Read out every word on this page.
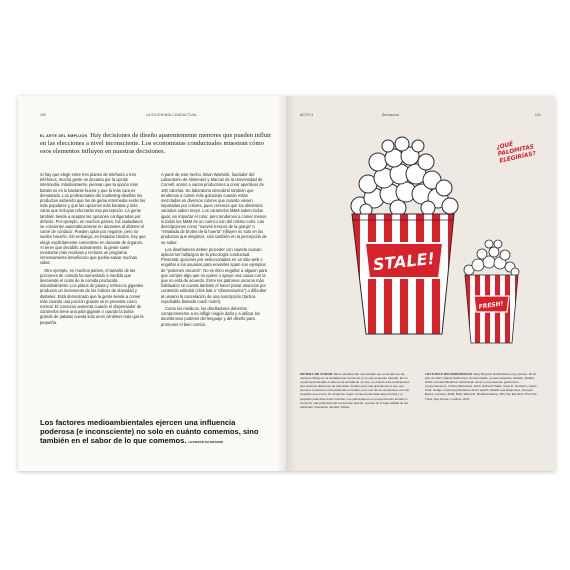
190	LA ECONOMÍA CONDUCTUAL.
EL ARTE DEL EMPUJÓN Hay decisiones de diseño aparentemente menores que pueden influir en las elecciones a nivel inconsciente. Los economistas conductuales muestran cómo esos elementos influyen en nuestras decisiones.

Si hay que elegir entre tres planes de telefonía o tres teléfonos, mucha gente se decanta por la opción intermedia. Intuitivamente, piensan que la opción más barata no es lo bastante buena y que la más cara es demasiado. Los profesionales del marketing-diseñan los productos sabiendo que los de gama intermedia serán los más populares y que las opciones más baratas y más caras que incluyan reforzarán esa percepción. La gente también tiende a aceptar las opciones configuradas por defecto. Por ejemplo, en muchos países, los ciudadanos se convierten automáticamente en donantes al obtener el carné de conducir. Pueden optar por negarse, pero no suelen hacerlo. Sin embargo, en Estados Unidos, hay que elegir explícitamente convertirse en donante de órganos. Al tener que decidirlo activamente, la gente suele mostrarse más recelosa y rechaza un programa inmensamente beneficioso que podría salvar muchas vidas.

Otro ejemplo, en muchos países, el tamaño de las porciones de comida ha aumentado a medida que desciende el coste de la comida producida industrialmente. Los platos de pasta y refrescos gigantes producen un incremento de los índices de obesidad y diabetes. Está demostrado que la gente tiende a comer más cuando una porción grande se le presenta como normal. El consumo aumenta cuando el dispensador de caramelos tiene una pala gigante o cuando la bolsa grande de patatas cuesta solo unos céntimos más que la pequeña.

A partir de este hecho, Brian Wansink, fundador del Laboratorio de Alimentos y Marcas de la Universidad de Cornell, animó a varios productores a crear aperitivos de 100 calorías. Su laboratorio descubrió también que tendemos a comer más golosinas cuando están mezcladas en diversos colores que cuando vienen separadas por colores, pues creemos que los alimentos variados saben mejor. Los caramelos M&M saben todos igual, sin importar el color, pero tendemos a comer menos si todos los M&M de un cuenco son del mismo color. Las descripciones como "nuevos trescos de la granja" o "ensalada de brotes de la huerta" influyen no solo en los productos que elegimos, sino también en la percepción de su sabor.

Los diseñadores deben proceder con cautela cuando aplican los hallazgos de la psicología conductual. Presentar opciones pre-seleccionadas en un sitio web o engañar a los usuarios para enviarles spam son ejemplos de "patrones oscuros". No es ético engañar a alguien para que compre algo que no quiere o apoye una causa con la que no está de acuerdo. Entre los patrones oscuros más habituales se cuenta también el hacer pasar anuncios por contenido editorial (click bait o "ciberanzuelos") o dificultar al usuario la cancelación de una suscripción (táctica reprobable llamada roach motel).

Como los médicos, los diseñadores deberían comprometerse a no infligir ningún daño y a utilizar los asombrosos poderes del lenguaje y del diseño para promover el bien común.

Los factores medioambientales ejercen una influencia poderosa (e inconsciente) no solo en cuánto comemos, sino también en el sabor de lo que comemos. LEONARD MLODINOW
ACTO 3	Sensación	191
STALE!
FRESH!
¿QUÉ PALOMITAS ELEGIRÍAS?

PRUEBA DE SABOR Varios estudios han demostrado que el tamaño de las raciones influye en la cantidad que comemos (y no solo el aperito natural). En un experimento llevado a cabo en la entrada de un cine, se ofreció a los participantes dos raciones diferentes de palomitas. Ambas eran más grandes de lo que una persona comería en circunstancias normales, pero uno de los recipientes era más pequeño que el otro. El recipiente mayor contenía palomitas algo rancias y el pequeño palomitas recién hechas. Los participantes en el experimento tendían a consumir más palomitas del contenedor grande, a pesar de la baja calidad de las palomitas. Ilustración Jennifer Tobias.

LECTURAS RECOMENDADAS Harry Brignull, DarkPatterns.org; acceso: 18 de julio de 2017; Daniel Kahneman, Pensar rápido, pensar despacio, Debate, Madrid, 2015; Leonard Mlodinow, Subliminal: cómo tu inconsciente gobierna tu comportamiento, Crítica, Barcelona, 2013; Richard Thaler, Cass R. Sunstein y Sean Pratt, Nudge: Improving Decisions about Health, Wealth and Happiness, Penguin Books, Londres, 2009; Brian Wansink, Mindless Eating: Why We Eat More Than We Think, Hay House, Londres, 2011.
